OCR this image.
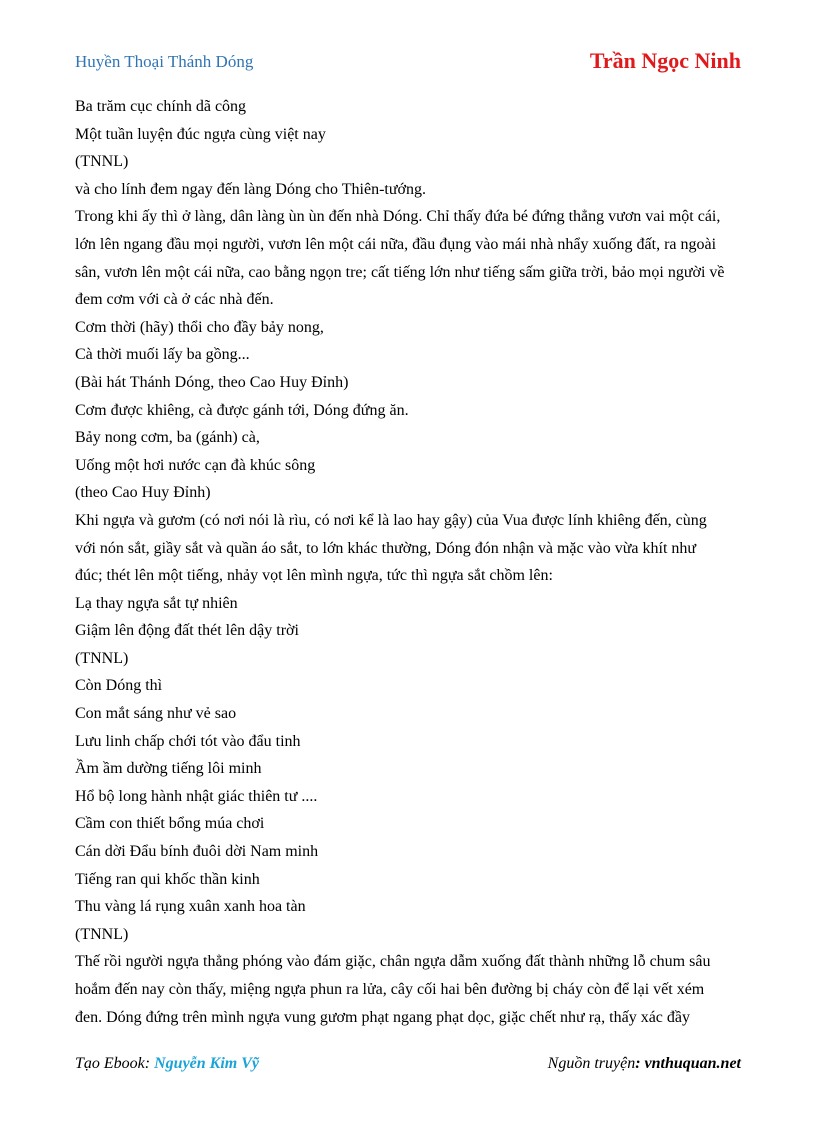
Huyền Thoại Thánh Dóng	Trần Ngọc Ninh

Ba trăm cục chính dã công

Một tuần luyện đúc ngựa cùng việt nay

(TNNL)

và cho lính đem ngay đến làng Dóng cho Thiên-tướng.

Trong khi ấy thì ở làng, dân làng ùn ùn đến nhà Dóng. Chỉ thấy đứa bé đứng thẳng vươn vai một cái,

lớn lên ngang đầu mọi người, vươn lên một cái nữa, đầu đụng vào mái nhà nhẩy xuống đất, ra ngoài

sân, vươn lên một cái nữa, cao bằng ngọn tre; cất tiếng lớn như tiếng sấm giữa trời, bảo mọi người về

đem cơm với cà ở các nhà đến.

Cơm thời (hãy) thổi cho đầy bảy nong,

Cà thời muối lấy ba gồng...

(Bài hát Thánh Dóng, theo Cao Huy Đỉnh)

Cơm được khiêng, cà được gánh tới, Dóng đứng ăn.

Bảy nong cơm, ba (gánh) cà,

Uống một hơi nước cạn đà khúc sông

(theo Cao Huy Đỉnh)

Khi ngựa và gươm (có nơi nói là rìu, có nơi kể là lao hay gậy) của Vua được lính khiêng đến, cùng

với nón sắt, giầy sắt và quần áo sắt, to lớn khác thường, Dóng đón nhận và mặc vào vừa khít như

đúc; thét lên một tiếng, nhảy vọt lên mình ngựa, tức thì ngựa sắt chồm lên:

Lạ thay ngựa sắt tự nhiên

Giậm lên động đất thét lên dậy trời

(TNNL)

Còn Dóng thì

Con mắt sáng như vẻ sao

Lưu linh chấp chới tót vào đẩu tinh

Ầm ầm dường tiếng lôi minh

Hổ bộ long hành nhật giác thiên tư ....

Cầm con thiết bổng múa chơi

Cán dời Đẩu bính đuôi dời Nam minh

Tiếng ran qui khốc thần kinh

Thu vàng lá rụng xuân xanh hoa tàn

(TNNL)

Thế rồi người ngựa thẳng phóng vào đám giặc, chân ngựa dẫm xuống đất thành những lỗ chum sâu

hoắm đến nay còn thấy, miệng ngựa phun ra lửa, cây cối hai bên đường bị cháy còn để lại vết xém

đen. Dóng đứng trên mình ngựa vung gươm phạt ngang phạt dọc, giặc chết như rạ, thấy xác đầy

Tạo Ebook: Nguyễn Kim Vỹ	Nguồn truyện: vnthuquan.net
